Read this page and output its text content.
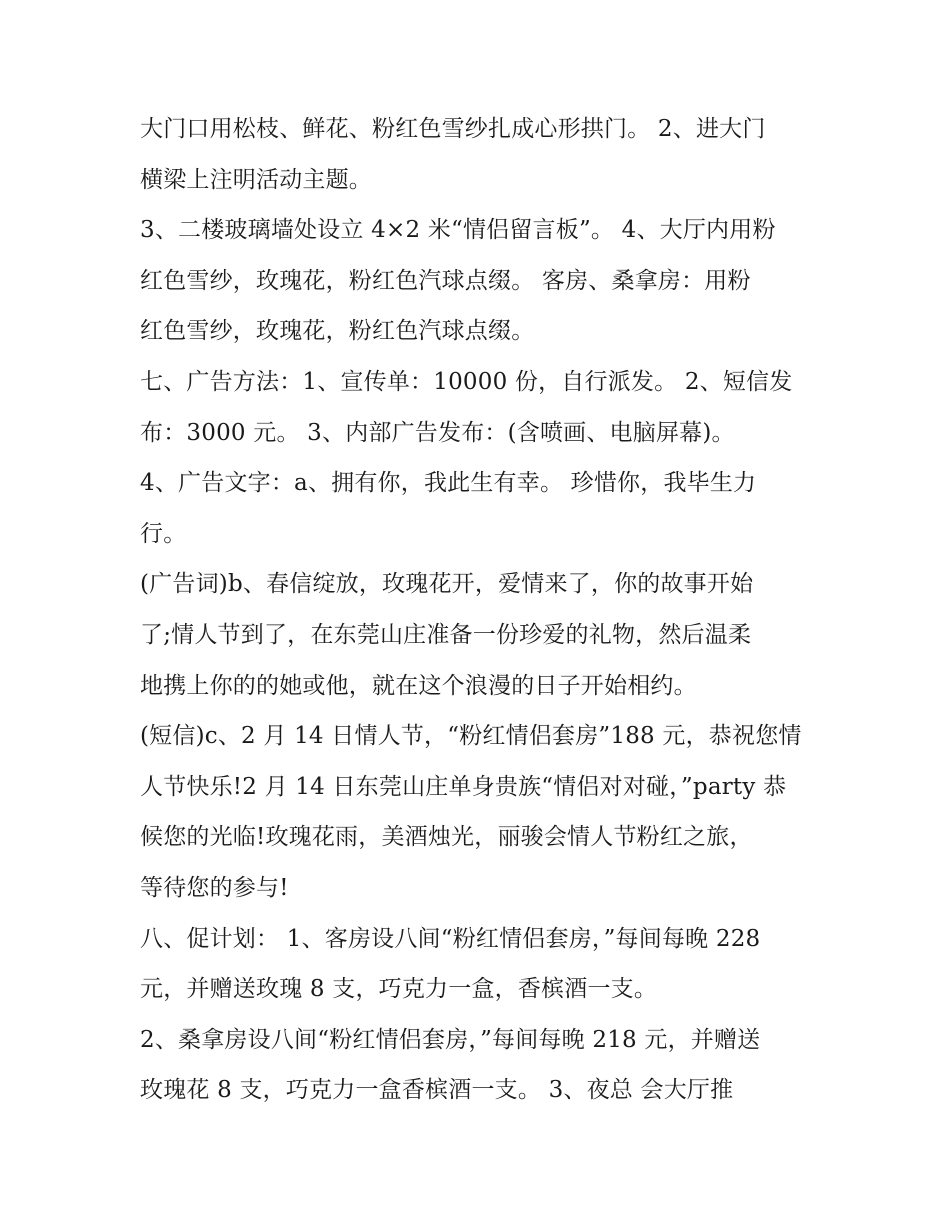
大门口用松枝、鲜花、粉红色雪纱扎成心形拱门。 2、进大门
横梁上注明活动主题。
3、二楼玻璃墙处设立 4×2 米“情侣留言板”。 4、大厅内用粉
红色雪纱，玫瑰花，粉红色汽球点缀。 客房、桑拿房：用粉
红色雪纱，玫瑰花，粉红色汽球点缀。
七、广告方法：1、宣传单：10000 份，自行派发。 2、短信发
布：3000 元。 3、内部广告发布：(含喷画、电脑屏幕)。
4、广告文字：a、拥有你，我此生有幸。 珍惜你，我毕生力
行。
(广告词)b、春信绽放，玫瑰花开，爱情来了，你的故事开始
了;情人节到了，在东莞山庄准备一份珍爱的礼物，然后温柔
地携上你的的她或他，就在这个浪漫的日子开始相约。
(短信)c、2 月 14 日情人节，“粉红情侣套房”188 元，恭祝您情
人节快乐!2 月 14 日东莞山庄单身贵族“情侣对对碰，”party 恭
候您的光临!玫瑰花雨，美酒烛光，丽骏会情人节粉红之旅，
等待您的参与!
八、促计划： 1、客房设八间“粉红情侣套房，”每间每晚 228
元，并赠送玫瑰 8 支，巧克力一盒，香槟酒一支。
2、桑拿房设八间“粉红情侣套房，”每间每晚 218 元，并赠送
玫瑰花 8 支，巧克力一盒香槟酒一支。 3、夜总 会大厅推
